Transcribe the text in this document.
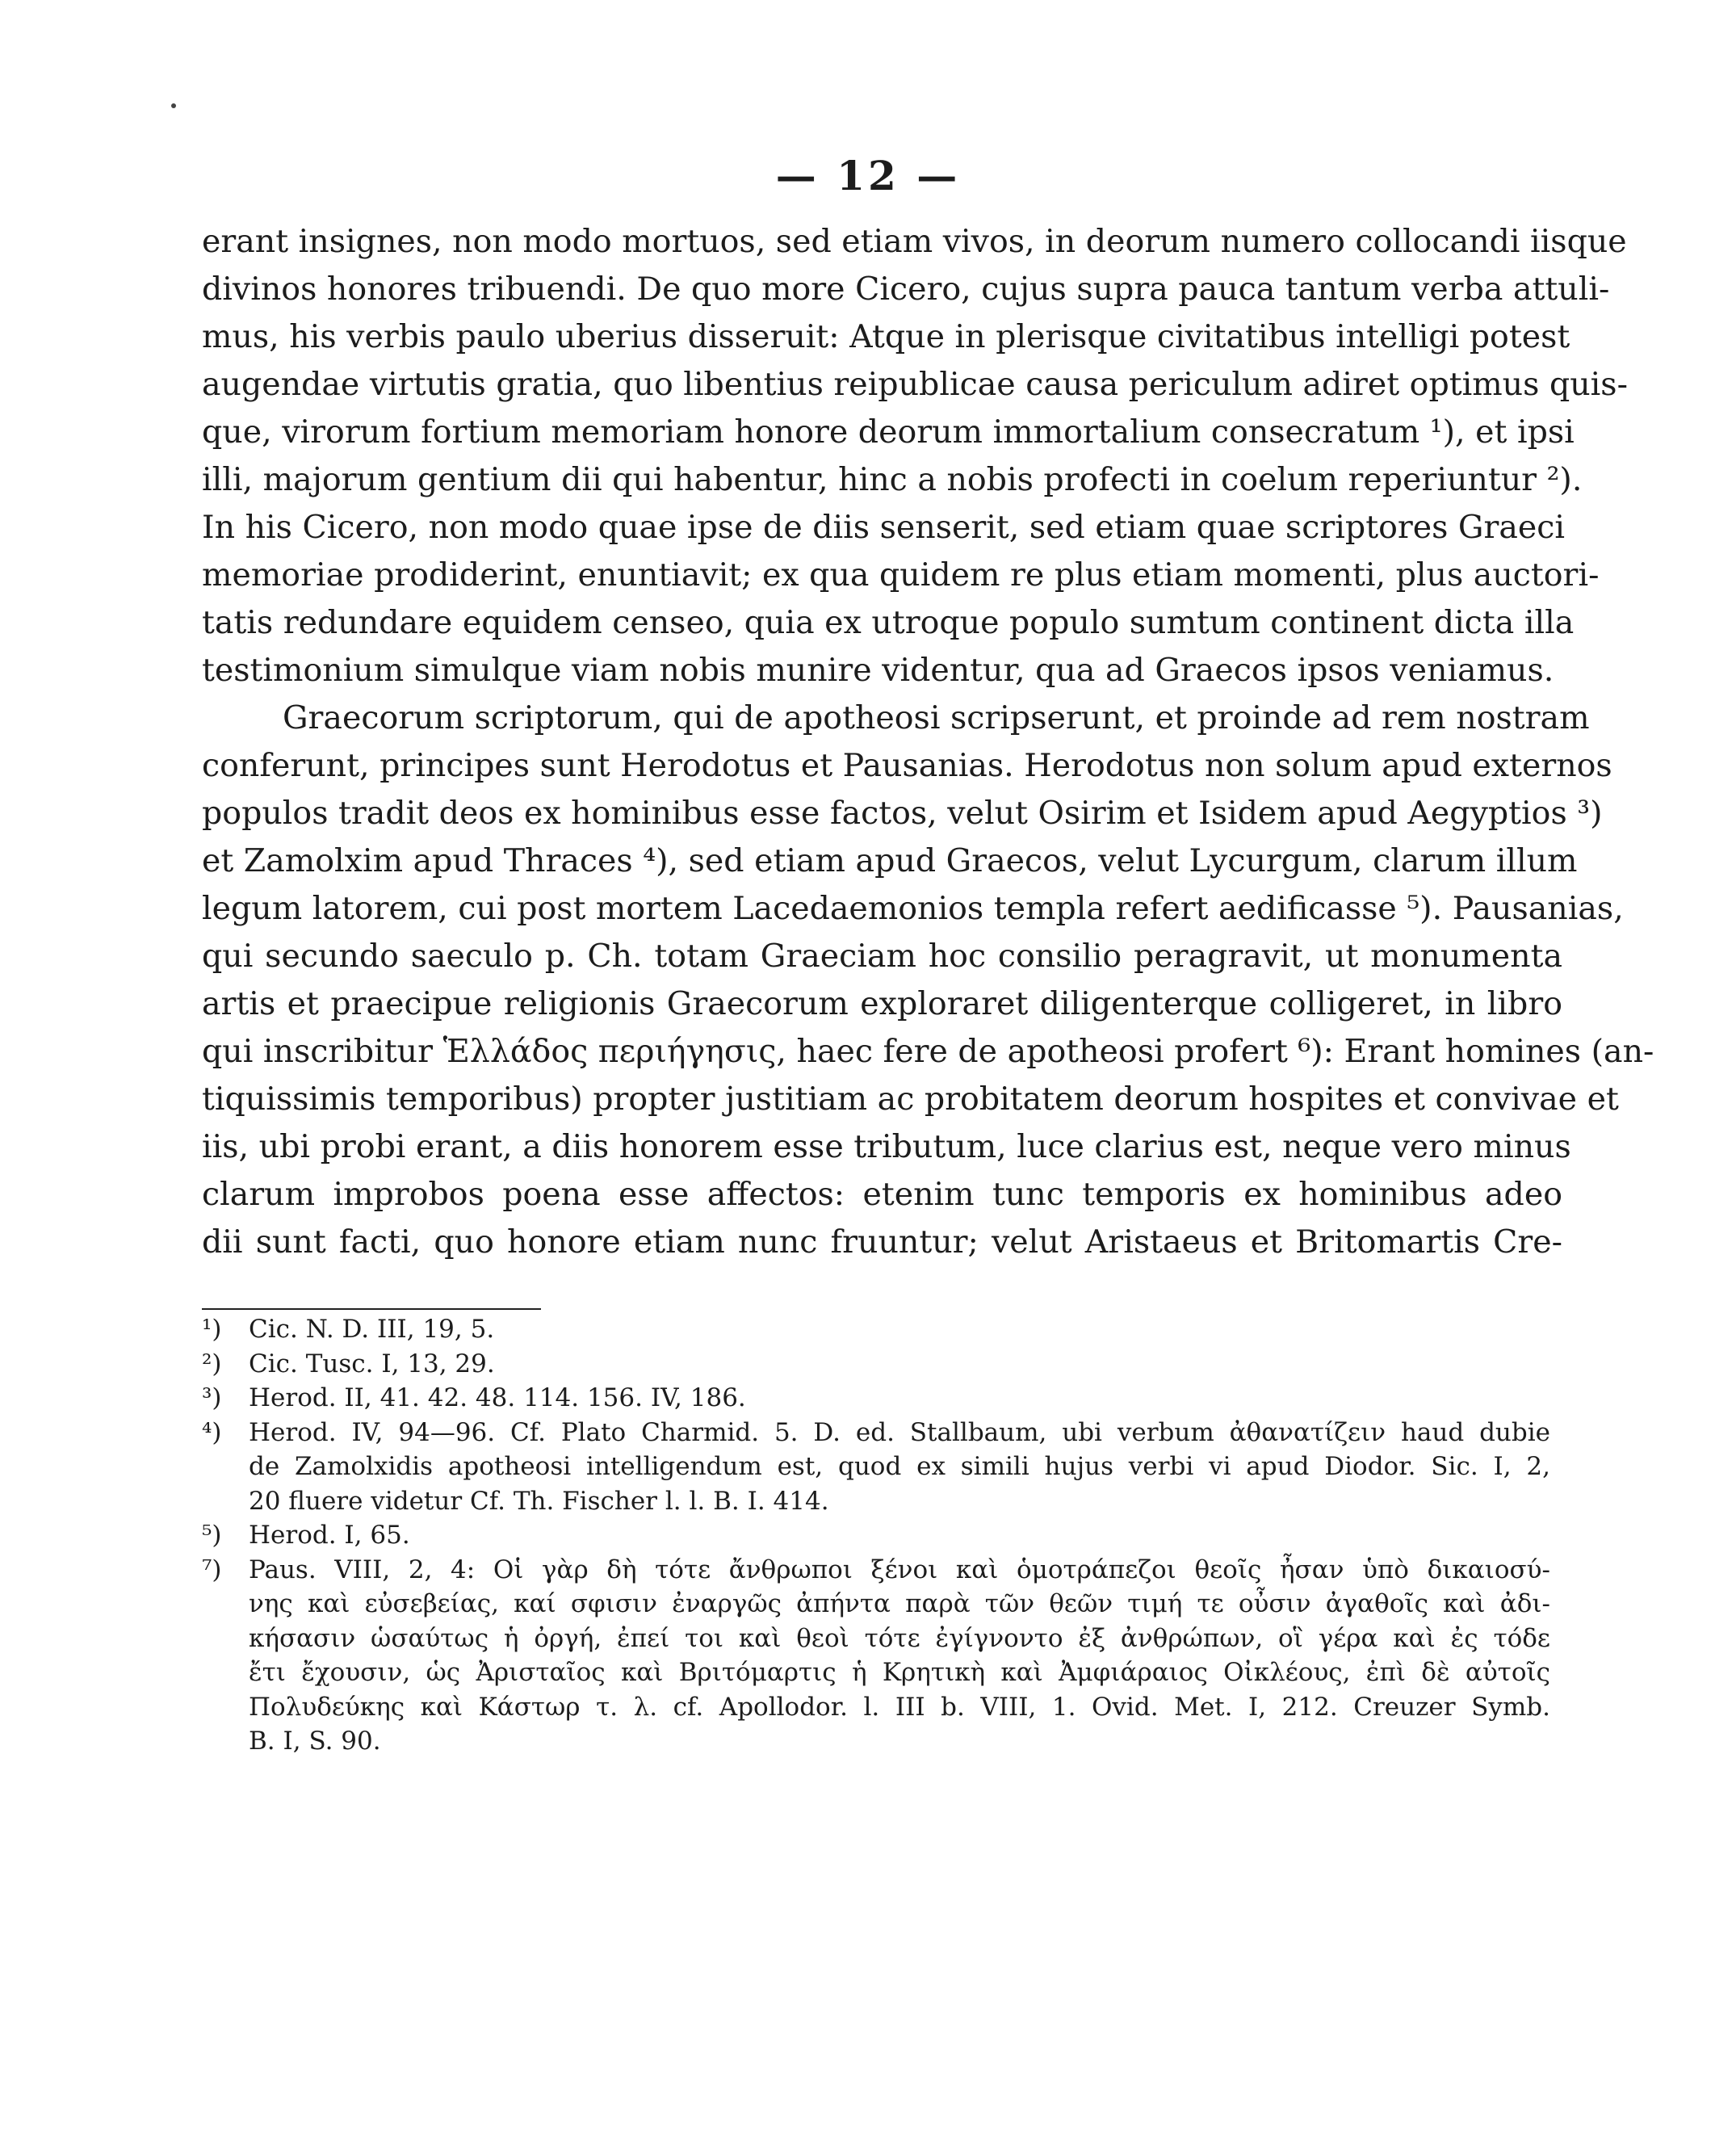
— 12 —
erant insignes, non modo mortuos, sed etiam vivos, in deorum numero collocandi iisque
divinos honores tribuendi. De quo more Cicero, cujus supra pauca tantum verba attuli-
mus, his verbis paulo uberius disseruit: Atque in plerisque civitatibus intelligi potest
augendae virtutis gratia, quo libentius reipublicae causa periculum adiret optimus quis-
que, virorum fortium memoriam honore deorum immortalium consecratum ¹), et ipsi
illi, majorum gentium dii qui habentur, hinc a nobis profecti in coelum reperiuntur ²).
In his Cicero, non modo quae ipse de diis senserit, sed etiam quae scriptores Graeci
memoriae prodiderint, enuntiavit; ex qua quidem re plus etiam momenti, plus auctori-
tatis redundare equidem censeo, quia ex utroque populo sumtum continent dicta illa
testimonium simulque viam nobis munire videntur, qua ad Graecos ipsos veniamus.
Graecorum scriptorum, qui de apotheosi scripserunt, et proinde ad rem nostram
conferunt, principes sunt Herodotus et Pausanias. Herodotus non solum apud externos
populos tradit deos ex hominibus esse factos, velut Osirim et Isidem apud Aegyptios ³)
et Zamolxim apud Thraces ⁴), sed etiam apud Graecos, velut Lycurgum, clarum illum
legum latorem, cui post mortem Lacedaemonios templa refert aedificasse ⁵). Pausanias,
qui secundo saeculo p. Ch. totam Graeciam hoc consilio peragravit, ut monumenta
artis et praecipue religionis Graecorum exploraret diligenterque colligeret, in libro
qui inscribitur Ἑλλάδος περιήγησις, haec fere de apotheosi profert ⁶): Erant homines (an-
tiquissimis temporibus) propter justitiam ac probitatem deorum hospites et convivae et
iis, ubi probi erant, a diis honorem esse tributum, luce clarius est, neque vero minus
clarum improbos poena esse affectos: etenim tunc temporis ex hominibus adeo
dii sunt facti, quo honore etiam nunc fruuntur; velut Aristaeus et Britomartis Cre-
¹)	Cic. N. D. III, 19, 5.
²)	Cic. Tusc. I, 13, 29.
³)	Herod. II, 41. 42. 48. 114. 156. IV, 186.
⁴)	Herod. IV, 94—96. Cf. Plato Charmid. 5. D. ed. Stallbaum, ubi verbum ἀθανατίζειν haud dubie
de Zamolxidis apotheosi intelligendum est, quod ex simili hujus verbi vi apud Diodor. Sic. I, 2,
20 fluere videtur Cf. Th. Fischer l. l. B. I. 414.
⁵)	Herod. I, 65.
⁷)	Paus. VIII, 2, 4: Οἱ γὰρ δὴ τότε ἄνθρωποι ξένοι καὶ ὁμοτράπεζοι θεοῖς ἦσαν ὑπὸ δικαιοσύ-
νης καὶ εὐσεβείας, καί σφισιν ἐναργῶς ἀπήντα παρὰ τῶν θεῶν τιμή τε οὖσιν ἀγαθοῖς καὶ ἀδι-
κήσασιν ὡσαύτως ἡ ὀργή, ἐπεί τοι καὶ θεοὶ τότε ἐγίγνοντο ἐξ ἀνθρώπων, οἳ γέρα καὶ ἐς τόδε
ἔτι ἔχουσιν, ὡς Ἀρισταῖος καὶ Βριτόμαρτις ἡ Κρητικὴ καὶ Ἀμφιάραιος Οἰκλέους, ἐπὶ δὲ αὐτοῖς
Πολυδεύκης καὶ Κάστωρ τ. λ. cf. Apollodor. l. III b. VIII, 1. Ovid. Met. I, 212. Creuzer Symb.
B. I, S. 90.
